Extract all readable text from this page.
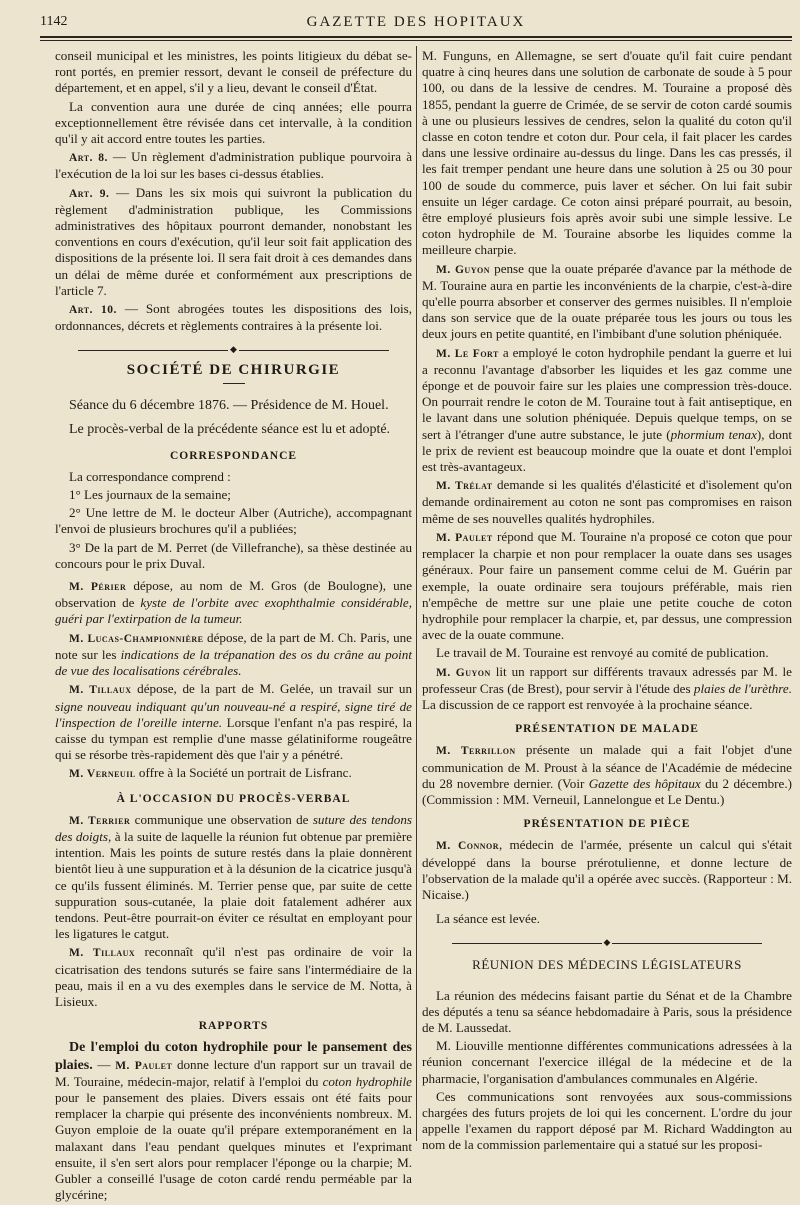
1142	GAZETTE DES HOPITAUX

conseil municipal et les ministres, les points litigieux du débat se-ront portés, en premier ressort, devant le conseil de préfecture du département, et en appel, s'il y a lieu, devant le conseil d'État.

La convention aura une durée de cinq années; elle pourra exceptionnellement être révisée dans cet intervalle, à la condition qu'il y ait accord entre toutes les parties.

Art. 8. — Un règlement d'administration publique pourvoira à l'exécution de la loi sur les bases ci-dessus établies.

Art. 9. — Dans les six mois qui suivront la publication du règlement d'administration publique, les Commissions administratives des hôpitaux pourront demander, nonobstant les conventions en cours d'exécution, qu'il leur soit fait application des dispositions de la présente loi. Il sera fait droit à ces demandes dans un délai de même durée et conformément aux prescriptions de l'article 7.

Art. 10. — Sont abrogées toutes les dispositions des lois, ordonnances, décrets et règlements contraires à la présente loi.

◆
SOCIÉTÉ DE CHIRURGIE

Séance du 6 décembre 1876. — Présidence de M. Houel.

Le procès-verbal de la précédente séance est lu et adopté.

CORRESPONDANCE

La correspondance comprend :

1° Les journaux de la semaine;

2° Une lettre de M. le docteur Alber (Autriche), accompagnant l'envoi de plusieurs brochures qu'il a publiées;

3° De la part de M. Perret (de Villefranche), sa thèse destinée au concours pour le prix Duval.

M. Périer dépose, au nom de M. Gros (de Boulogne), une observation de kyste de l'orbite avec exophthalmie considérable, guéri par l'extirpation de la tumeur.

M. Lucas-Championnière dépose, de la part de M. Ch. Paris, une note sur les indications de la trépanation des os du crâne au point de vue des localisations cérébrales.

M. Tillaux dépose, de la part de M. Gelée, un travail sur un signe nouveau indiquant qu'un nouveau-né a respiré, signe tiré de l'inspection de l'oreille interne. Lorsque l'enfant n'a pas respiré, la caisse du tympan est remplie d'une masse gélatiniforme rougeâtre qui se résorbe très-rapidement dès que l'air y a pénétré.

M. Verneuil offre à la Société un portrait de Lisfranc.

À L'OCCASION DU PROCÈS-VERBAL

M. Terrier communique une observation de suture des tendons des doigts, à la suite de laquelle la réunion fut obtenue par première intention. Mais les points de suture restés dans la plaie donnèrent bientôt lieu à une suppuration et à la désunion de la cicatrice jusqu'à ce qu'ils fussent éliminés. M. Terrier pense que, par suite de cette suppuration sous-cutanée, la plaie doit fatalement adhérer aux tendons. Peut-être pourrait-on éviter ce résultat en employant pour les ligatures le catgut.

M. Tillaux reconnaît qu'il n'est pas ordinaire de voir la cicatrisation des tendons suturés se faire sans l'intermédiaire de la peau, mais il en a vu des exemples dans le service de M. Notta, à Lisieux.

RAPPORTS

De l'emploi du coton hydrophile pour le pansement des plaies. — M. Paulet donne lecture d'un rapport sur un travail de M. Touraine, médecin-major, relatif à l'emploi du coton hydrophile pour le pansement des plaies. Divers essais ont été faits pour remplacer la charpie qui présente des inconvénients nombreux. M. Guyon emploie de la ouate qu'il prépare extemporanément en la malaxant dans l'eau pendant quelques minutes et l'exprimant ensuite, il s'en sert alors pour remplacer l'éponge ou la charpie; M. Gubler a conseillé l'usage de coton cardé rendu perméable par la glycérine;

M. Funguns, en Allemagne, se sert d'ouate qu'il fait cuire pendant quatre à cinq heures dans une solution de carbonate de soude à 5 pour 100, ou dans de la lessive de cendres. M. Touraine a proposé dès 1855, pendant la guerre de Crimée, de se servir de coton cardé soumis à une ou plusieurs lessives de cendres, selon la qualité du coton qu'il classe en coton tendre et coton dur. Pour cela, il fait placer les cardes dans une lessive ordinaire au-dessus du linge. Dans les cas pressés, il les fait tremper pendant une heure dans une solution à 25 ou 30 pour 100 de soude du commerce, puis laver et sécher. On lui fait subir ensuite un léger cardage. Ce coton ainsi préparé pourrait, au besoin, être employé plusieurs fois après avoir subi une simple lessive. Le coton hydrophile de M. Touraine absorbe les liquides comme la meilleure charpie.

M. Guyon pense que la ouate préparée d'avance par la méthode de M. Touraine aura en partie les inconvénients de la charpie, c'est-à-dire qu'elle pourra absorber et conserver des germes nuisibles. Il n'emploie dans son service que de la ouate préparée tous les jours ou tous les deux jours en petite quantité, en l'imbibant d'une solution phéniquée.

M. Le Fort a employé le coton hydrophile pendant la guerre et lui a reconnu l'avantage d'absorber les liquides et les gaz comme une éponge et de pouvoir faire sur les plaies une compression très-douce. On pourrait rendre le coton de M. Touraine tout à fait antiseptique, en le lavant dans une solution phéniquée. Depuis quelque temps, on se sert à l'étranger d'une autre substance, le jute (phormium tenax), dont le prix de revient est beaucoup moindre que la ouate et dont l'emploi est très-avantageux.

M. Trélat demande si les qualités d'élasticité et d'isolement qu'on demande ordinairement au coton ne sont pas compromises en raison même de ses nouvelles qualités hydrophiles.

M. Paulet répond que M. Touraine n'a proposé ce coton que pour remplacer la charpie et non pour remplacer la ouate dans ses usages généraux. Pour faire un pansement comme celui de M. Guérin par exemple, la ouate ordinaire sera toujours préférable, mais rien n'empêche de mettre sur une plaie une petite couche de coton hydrophile pour remplacer la charpie, et, par dessus, une compression avec de la ouate commune.

Le travail de M. Touraine est renvoyé au comité de publication.

M. Guyon lit un rapport sur différents travaux adressés par M. le professeur Cras (de Brest), pour servir à l'étude des plaies de l'urèthre. La discussion de ce rapport est renvoyée à la prochaine séance.

PRÉSENTATION DE MALADE

M. Terrillon présente un malade qui a fait l'objet d'une communication de M. Proust à la séance de l'Académie de médecine du 28 novembre dernier. (Voir Gazette des hôpitaux du 2 décembre.) (Commission : MM. Verneuil, Lannelongue et Le Dentu.)

PRÉSENTATION DE PIÈCE

M. Connor, médecin de l'armée, présente un calcul qui s'était développé dans la bourse prérotulienne, et donne lecture de l'observation de la malade qu'il a opérée avec succès. (Rapporteur : M. Nicaise.)

La séance est levée.

◆
RÉUNION DES MÉDECINS LÉGISLATEURS

La réunion des médecins faisant partie du Sénat et de la Chambre des députés a tenu sa séance hebdomadaire à Paris, sous la présidence de M. Laussedat.

M. Liouville mentionne différentes communications adressées à la réunion concernant l'exercice illégal de la médecine et de la pharmacie, l'organisation d'ambulances communales en Algérie.

Ces communications sont renvoyées aux sous-commissions chargées des futurs projets de loi qui les concernent. L'ordre du jour appelle l'examen du rapport déposé par M. Richard Waddington au nom de la commission parlementaire qui a statué sur les proposi-
